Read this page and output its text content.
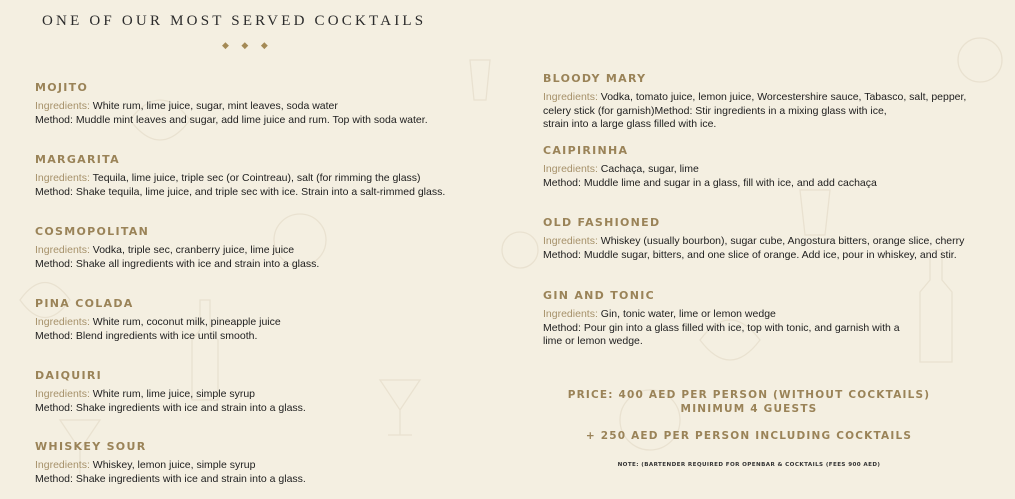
ONE OF OUR MOST SERVED COCKTAILS
◆ ◆ ◆
MOJITO
Ingredients: White rum, lime juice, sugar, mint leaves, soda water
Method: Muddle mint leaves and sugar, add lime juice and rum. Top with soda water.
MARGARITA
Ingredients: Tequila, lime juice, triple sec (or Cointreau), salt (for rimming the glass)
Method: Shake tequila, lime juice, and triple sec with ice. Strain into a salt-rimmed glass.
COSMOPOLITAN
Ingredients: Vodka, triple sec, cranberry juice, lime juice
Method: Shake all ingredients with ice and strain into a glass.
PINA COLADA
Ingredients: White rum, coconut milk, pineapple juice
Method: Blend ingredients with ice until smooth.
DAIQUIRI
Ingredients: White rum, lime juice, simple syrup
Method: Shake ingredients with ice and strain into a glass.
WHISKEY SOUR
Ingredients: Whiskey, lemon juice, simple syrup
Method: Shake ingredients with ice and strain into a glass.
BLOODY MARY
Ingredients: Vodka, tomato juice, lemon juice, Worcestershire sauce, Tabasco, salt, pepper,
celery stick (for garnish)Method: Stir ingredients in a mixing glass with ice,
strain into a large glass filled with ice.
CAIPIRINHA
Ingredients: Cachaça, sugar, lime
Method: Muddle lime and sugar in a glass, fill with ice, and add cachaça
OLD FASHIONED
Ingredients: Whiskey (usually bourbon), sugar cube, Angostura bitters, orange slice, cherry
Method: Muddle sugar, bitters, and one slice of orange. Add ice, pour in whiskey, and stir.
GIN AND TONIC
Ingredients: Gin, tonic water, lime or lemon wedge
Method: Pour gin into a glass filled with ice, top with tonic, and garnish with a
lime or lemon wedge.
PRICE: 400 AED PER PERSON (WITHOUT COCKTAILS)
MINIMUM 4 GUESTS
+ 250 AED PER PERSON INCLUDING COCKTAILS
NOTE: (BARTENDER REQUIRED FOR OPENBAR & COCKTAILS (FEES 900 AED)
